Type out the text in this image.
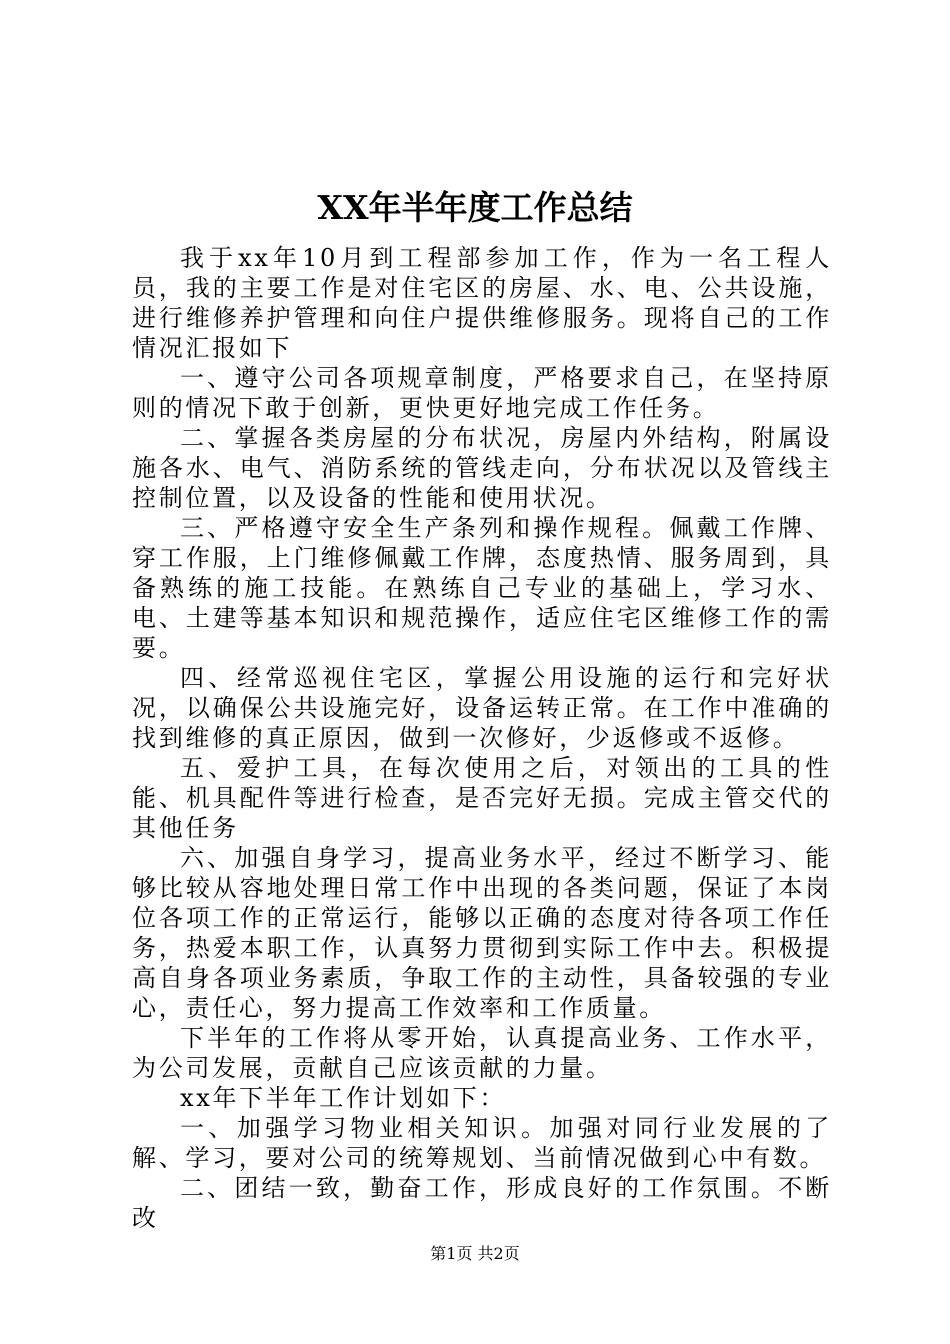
XX年半年度工作总结

我于xx年10月到工程部参加工作，作为一名工程人员，我的主要工作是对住宅区的房屋、水、电、公共设施，进行维修养护管理和向住户提供维修服务。现将自己的工作情况汇报如下

一、遵守公司各项规章制度，严格要求自己，在坚持原则的情况下敢于创新，更快更好地完成工作任务。

二、掌握各类房屋的分布状况，房屋内外结构，附属设施各水、电气、消防系统的管线走向，分布状况以及管线主控制位置，以及设备的性能和使用状况。

三、严格遵守安全生产条列和操作规程。佩戴工作牌、穿工作服，上门维修佩戴工作牌，态度热情、服务周到，具备熟练的施工技能。在熟练自己专业的基础上，学习水、电、土建等基本知识和规范操作，适应住宅区维修工作的需要。

四、经常巡视住宅区，掌握公用设施的运行和完好状况，以确保公共设施完好，设备运转正常。在工作中准确的找到维修的真正原因，做到一次修好，少返修或不返修。

五、爱护工具，在每次使用之后，对领出的工具的性能、机具配件等进行检查，是否完好无损。完成主管交代的其他任务

六、加强自身学习，提高业务水平，经过不断学习、能够比较从容地处理日常工作中出现的各类问题，保证了本岗位各项工作的正常运行，能够以正确的态度对待各项工作任务，热爱本职工作，认真努力贯彻到实际工作中去。积极提高自身各项业务素质，争取工作的主动性，具备较强的专业心，责任心，努力提高工作效率和工作质量。

下半年的工作将从零开始，认真提高业务、工作水平，为公司发展，贡献自己应该贡献的力量。

xx年下半年工作计划如下：

一、加强学习物业相关知识。加强对同行业发展的了解、学习，要对公司的统筹规划、当前情况做到心中有数。

二、团结一致，勤奋工作，形成良好的工作氛围。不断改

第1页 共2页
